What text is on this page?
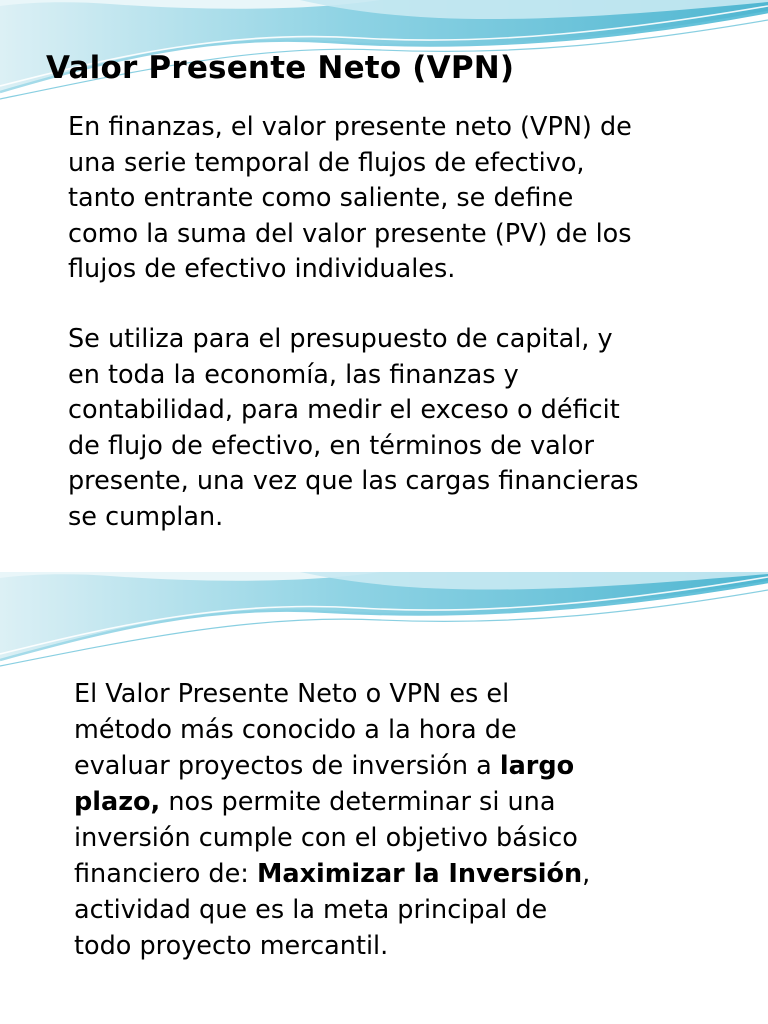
Valor Presente Neto (VPN)

En finanzas, el valor presente neto (VPN) de
una serie temporal de flujos de efectivo,
tanto entrante como saliente, se define
como la suma del valor presente (PV) de los
flujos de efectivo individuales.

Se utiliza para el presupuesto de capital, y
en toda la economía, las finanzas y
contabilidad, para medir el exceso o déficit
de flujo de efectivo, en términos de valor
presente, una vez que las cargas financieras
se cumplan.

El Valor Presente Neto o VPN es el
método más conocido a la hora de
evaluar proyectos de inversión a largo
plazo, nos permite determinar si una
inversión cumple con el objetivo básico
financiero de: Maximizar la Inversión,
actividad que es la meta principal de
todo proyecto mercantil.
